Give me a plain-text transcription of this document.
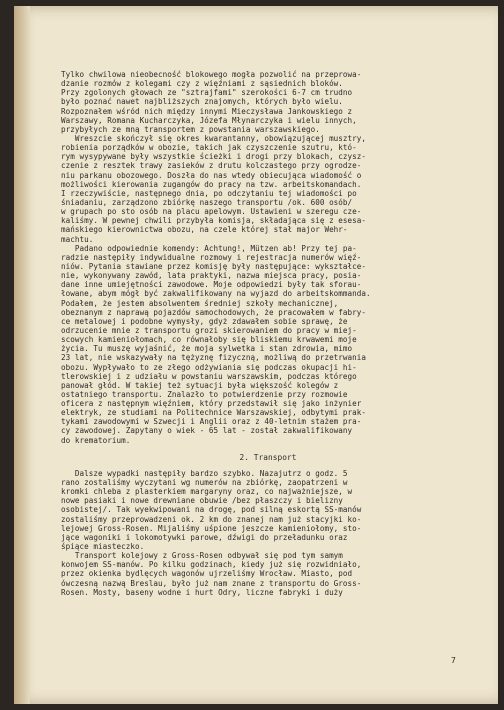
Tylko chwilowa nieobecność blokowego mogła pozwolić na przeprowa-
dzanie rozmów z kolegami czy z więźniami z sąsiednich bloków.
Przy zgolonych głowach ze "sztrajfami" szerokości 6-7 cm trudno
było poznać nawet najbliższych znajomych, których było wielu.
Rozpoznałem wśród nich między innymi Mieczysława Jankowskiego z
Warszawy, Romana Kucharczyka, Józefa Młynarczyka i wielu innych,
przybyłych ze mną transportem z powstania warszawskiego.
Wreszcie skończył się okres kwarantanny, obowiązującej musztry,
robienia porządków w obozie, takich jak czyszczenie szutru, któ-
rym wysypywane były wszystkie ścieżki i drogi przy blokach, czysz-
czenie z resztek trawy zasieków z drutu kolczastego przy ogrodze-
niu parkanu obozowego. Doszła do nas wtedy obiecująca wiadomość o
możliwości kierowania zugangów do pracy na tzw. arbeitskomandach.
I rzeczywiście, następnego dnia, po odczytaniu tej wiadomości po
śniadaniu, zarządzono zbiórkę naszego transportu /ok. 600 osób/
w grupach po sto osób na placu apelowym. Ustawieni w szeregu cze-
kaliśmy. W pewnej chwili przybyła komisja, składająca się z esesa-
mańskiego kierownictwa obozu, na czele której stał major Wehr-
machtu.
Padano odpowiednie komendy: Achtung!, Mützen ab! Przy tej pa-
radzie następiły indywidualne rozmowy i rejestracja numerów więź-
niów. Pytania stawiane przez komisję były następujące: wykształce-
nie, wykonywany zawód, lata praktyki, nazwa miejsca pracy, posia-
dane inne umiejętności zawodowe. Moje odpowiedzi były tak sforau-
łowane, abym mógł być zakwalifikowany na wyjazd do arbeitskommanda.
Podałem, że jestem absolwentem średniej szkoły mechanicznej,
obeznanym z naprawą pojazdów samochodowych, że pracowałem w fabry-
ce metalowej i podobne wymysły, gdyż zdawałem sobie sprawę, że
odrzucenie mnie z transportu grozi skierowaniem do pracy w miej-
scowych kamieniołomach, co równałoby się bliskiemu krwawemi moje
życia. Tu muszę wyjaśnić, że moja sylwetka i stan zdrowia, mimo
23 lat, nie wskazywały na tężyznę fizyczną, możliwą do przetrwania
obozu. Wypływało to ze złego odżywiania się podczas okupacji hi-
tlerowskiej i z udziału w powstaniu warszawskim, podczas którego
panował głód. W takiej też sytuacji była większość kolegów z
ostatniego transportu. Znalazło to potwierdzenie przy rozmowie
oficera z następnym więźniem, który przedstawił się jako inżynier
elektryk, ze studiami na Politechnice Warszawskiej, odbytymi prak-
tykami zawodowymi w Szwecji i Anglii oraz z 40-letnim stażem pra-
cy zawodowej. Zapytany o wiek - 65 lat - został zakwalifikowany
do krematorium.
2. Transport
Dalsze wypadki następiły bardzo szybko. Nazajutrz o godz. 5
rano zostaliśmy wyczytani wg numerów na zbiórkę, zaopatrzeni w
kromki chleba z plasterkiem margaryny oraz, co najważniejsze, w
nowe pasiaki i nowe drewniane obuwie /bez płaszczy i bielizny
osobistej/. Tak wyekwipowani na drogę, pod silną eskortą SS-manów
zostaliśmy przeprowadzeni ok. 2 km do znanej nam już stacyjki ko-
lejowej Gross-Rosen. Mijaliśmy uśpione jeszcze kamieniołomy, sto-
jące wagoniki i lokomotywki parowe, dźwigi do przeładunku oraz
śpiące miasteczko.
Transport kolejowy z Gross-Rosen odbywał się pod tym samym
konwojem SS-manów. Po kilku godzinach, kiedy już się rozwidniało,
przez okienka bydlęcych wagonów ujrzeliśmy Wrocław. Miasto, pod
ówczesną nazwą Breslau, było już nam znane z transportu do Gross-
Rosen. Mosty, baseny wodne i hurt Odry, liczne fabryki i duży
7
